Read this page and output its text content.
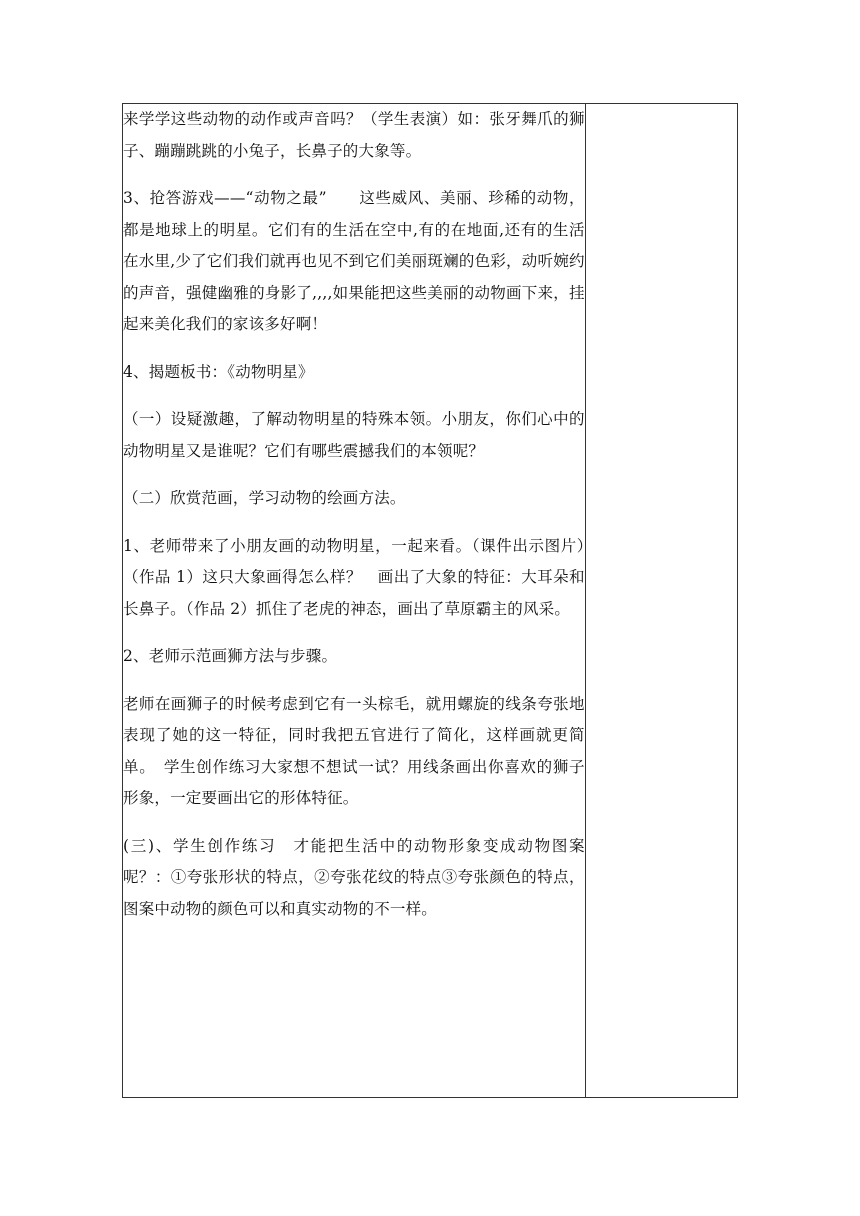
来学学这些动物的动作或声音吗？（学生表演）如：张牙舞爪的狮子、蹦蹦跳跳的小兔子，长鼻子的大象等。

3、抢答游戏——“动物之最”　　这些威风、美丽、珍稀的动物，都是地球上的明星。它们有的生活在空中,有的在地面,还有的生活在水里,少了它们我们就再也见不到它们美丽斑斓的色彩，动听婉约的声音，强健幽雅的身影了,,,,如果能把这些美丽的动物画下来，挂起来美化我们的家该多好啊！

4、揭题板书：《动物明星》

（一）设疑激趣，了解动物明星的特殊本领。小朋友，你们心中的动物明星又是谁呢？它们有哪些震撼我们的本领呢？

（二）欣赏范画，学习动物的绘画方法。

1、老师带来了小朋友画的动物明星，一起来看。（课件出示图片）　（作品 1）这只大象画得怎么样？　画出了大象的特征：大耳朵和长鼻子。（作品 2）抓住了老虎的神态，画出了草原霸主的风采。

2、老师示范画狮方法与步骤。

老师在画狮子的时候考虑到它有一头棕毛，就用螺旋的线条夸张地表现了她的这一特征，同时我把五官进行了简化，这样画就更简单。　学生创作练习大家想不想试一试？用线条画出你喜欢的狮子形象，一定要画出它的形体特征。

(三)、学生创作练习　才能把生活中的动物形象变成动物图案呢？：①夸张形状的特点，②夸张花纹的特点③夸张颜色的特点，图案中动物的颜色可以和真实动物的不一样。
